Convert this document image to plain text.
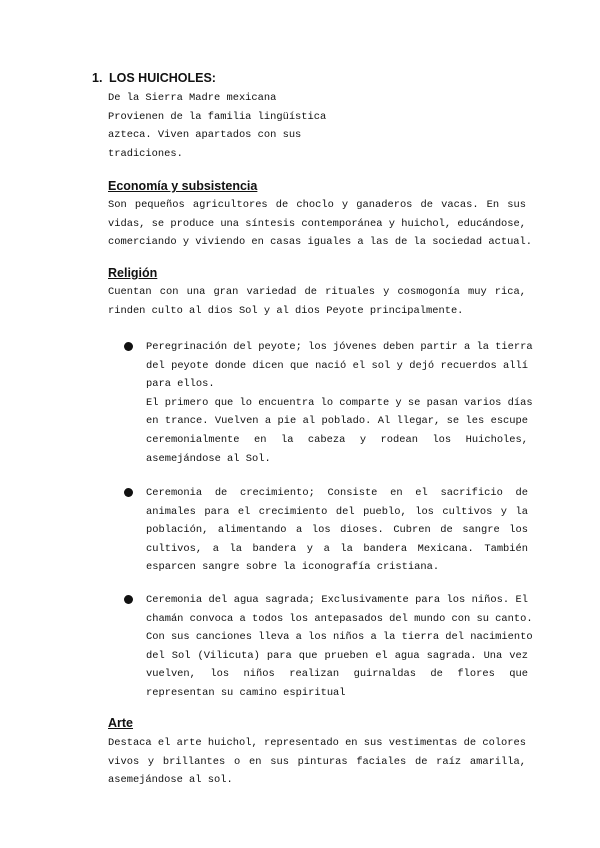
1. LOS HUICHOLES:
De la Sierra Madre mexicana
Provienen de la familia lingüística
azteca. Viven apartados con sus
tradiciones.
Economía y subsistencia
Son pequeños agricultores de choclo y ganaderos de vacas. En sus
vidas, se produce una síntesis contemporánea y huichol, educándose,
comerciando y viviendo en casas iguales a las de la sociedad actual.
Religión
Cuentan con una gran variedad de rituales y cosmogonía muy rica,
rinden culto al dios Sol y al dios Peyote principalmente.
Peregrinación del peyote; los jóvenes deben partir a la tierra
del peyote donde dicen que nació el sol y dejó recuerdos allí
para ellos.
El primero que lo encuentra lo comparte y se pasan varios días
en trance. Vuelven a pie al poblado. Al llegar, se les escupe
ceremonialmente en la cabeza y rodean los Huicholes,
asemejándose al Sol.
Ceremonia de crecimiento; Consiste en el sacrificio de
animales para el crecimiento del pueblo, los cultivos y la
población, alimentando a los dioses. Cubren de sangre los
cultivos, a la bandera y a la bandera Mexicana. También
esparcen sangre sobre la iconografía cristiana.
Ceremonia del agua sagrada; Exclusivamente para los niños. El
chamán convoca a todos los antepasados del mundo con su canto.
Con sus canciones lleva a los niños a la tierra del nacimiento
del Sol (Vilicuta) para que prueben el agua sagrada. Una vez
vuelven, los niños realizan guirnaldas de flores que
representan su camino espiritual
Arte
Destaca el arte huichol, representado en sus vestimentas de colores
vivos y brillantes o en sus pinturas faciales de raíz amarilla,
asemejándose al sol.
